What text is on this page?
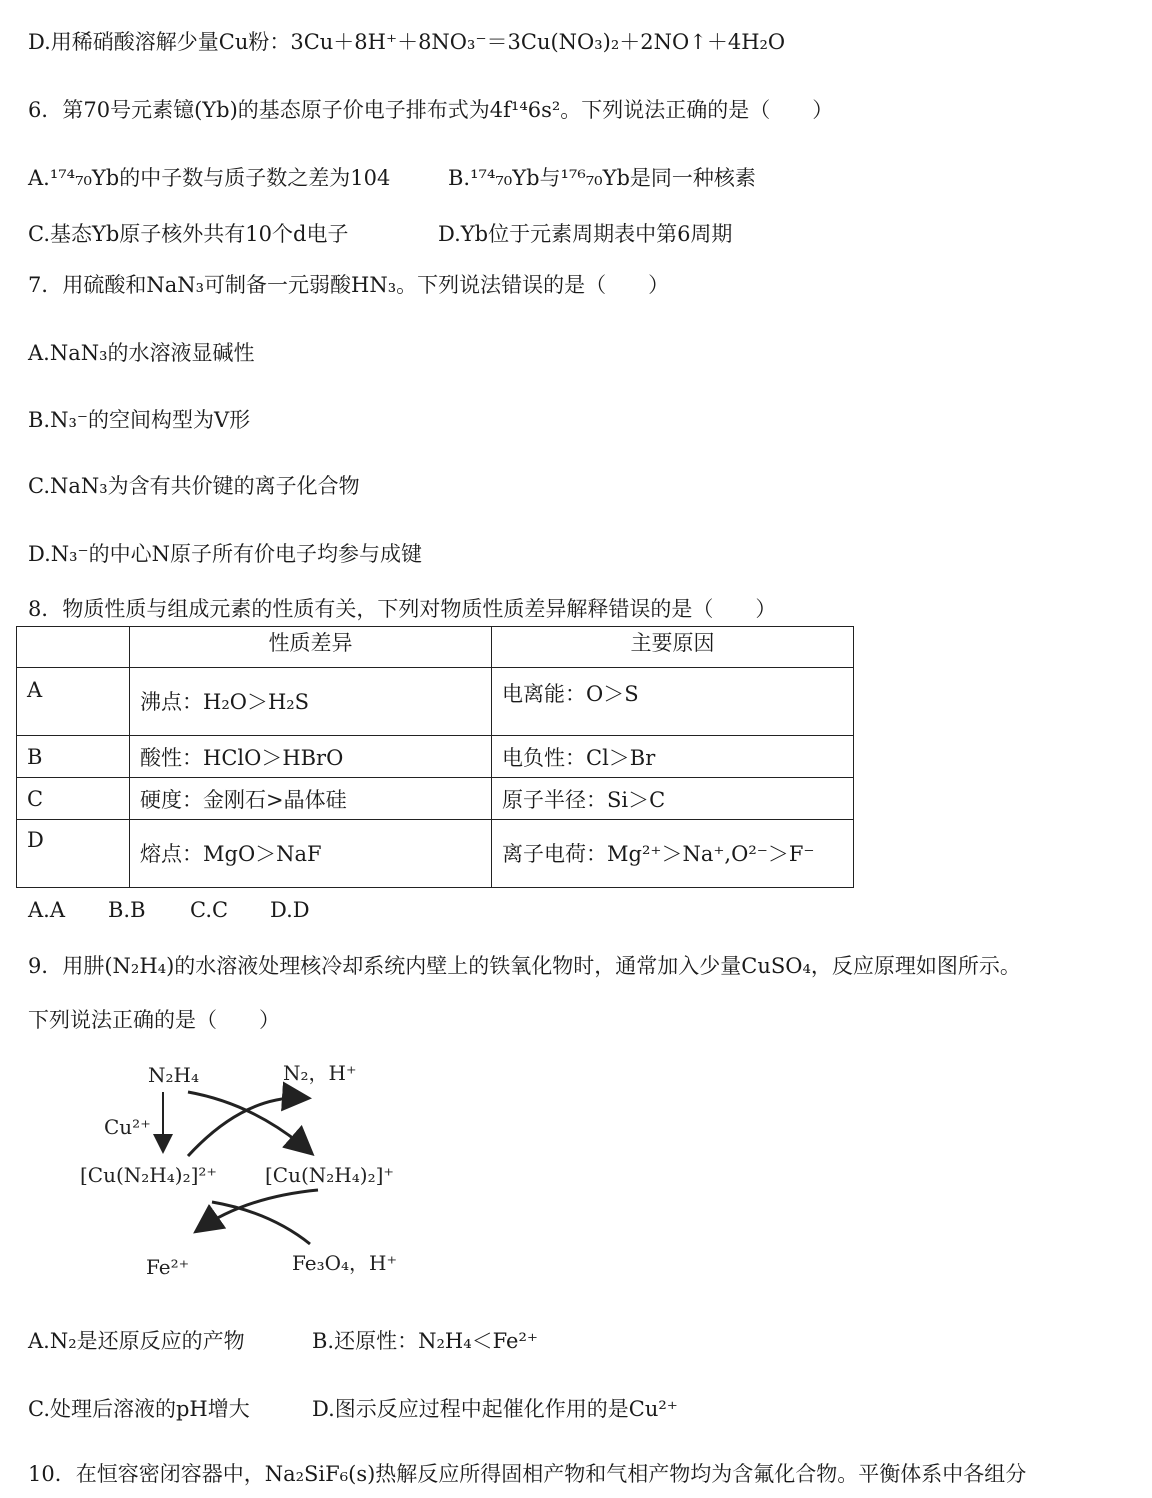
D.用稀硝酸溶解少量Cu粉：3Cu＋8H⁺＋8NO₃⁻＝3Cu(NO₃)₂＋2NO↑＋4H₂O
6．第70号元素镱(Yb)的基态原子价电子排布式为4f¹⁴6s²。下列说法正确的是（　　）
A.¹⁷⁴₇₀Yb的中子数与质子数之差为104	B.¹⁷⁴₇₀Yb与¹⁷⁶₇₀Yb是同一种核素
C.基态Yb原子核外共有10个d电子	D.Yb位于元素周期表中第6周期
7．用硫酸和NaN₃可制备一元弱酸HN₃。下列说法错误的是（　　）
A.NaN₃的水溶液显碱性
B.N₃⁻的空间构型为V形
C.NaN₃为含有共价键的离子化合物
D.N₃⁻的中心N原子所有价电子均参与成键
8．物质性质与组成元素的性质有关，下列对物质性质差异解释错误的是（　　）
	性质差异	主要原因
A	沸点：H₂O＞H₂S	电离能：O＞S
B	酸性：HClO＞HBrO	电负性：Cl＞Br
C	硬度：金刚石>晶体硅	原子半径：Si＞C
D	熔点：MgO＞NaF	离子电荷：Mg²⁺＞Na⁺,O²⁻＞F⁻
A.A B.B C.C D.D
9．用肼(N₂H₄)的水溶液处理核冷却系统内壁上的铁氧化物时，通常加入少量CuSO₄，反应原理如图所示。
下列说法正确的是（　　）
N₂H₄	N₂，H⁺
Cu²⁺
[Cu(N₂H₄)₂]²⁺ [Cu(N₂H₄)₂]⁺
Fe²⁺	Fe₃O₄，H⁺
A.N₂是还原反应的产物	B.还原性：N₂H₄＜Fe²⁺
C.处理后溶液的pH增大	D.图示反应过程中起催化作用的是Cu²⁺
10．在恒容密闭容器中，Na₂SiF₆(s)热解反应所得固相产物和气相产物均为含氟化合物。平衡体系中各组分
